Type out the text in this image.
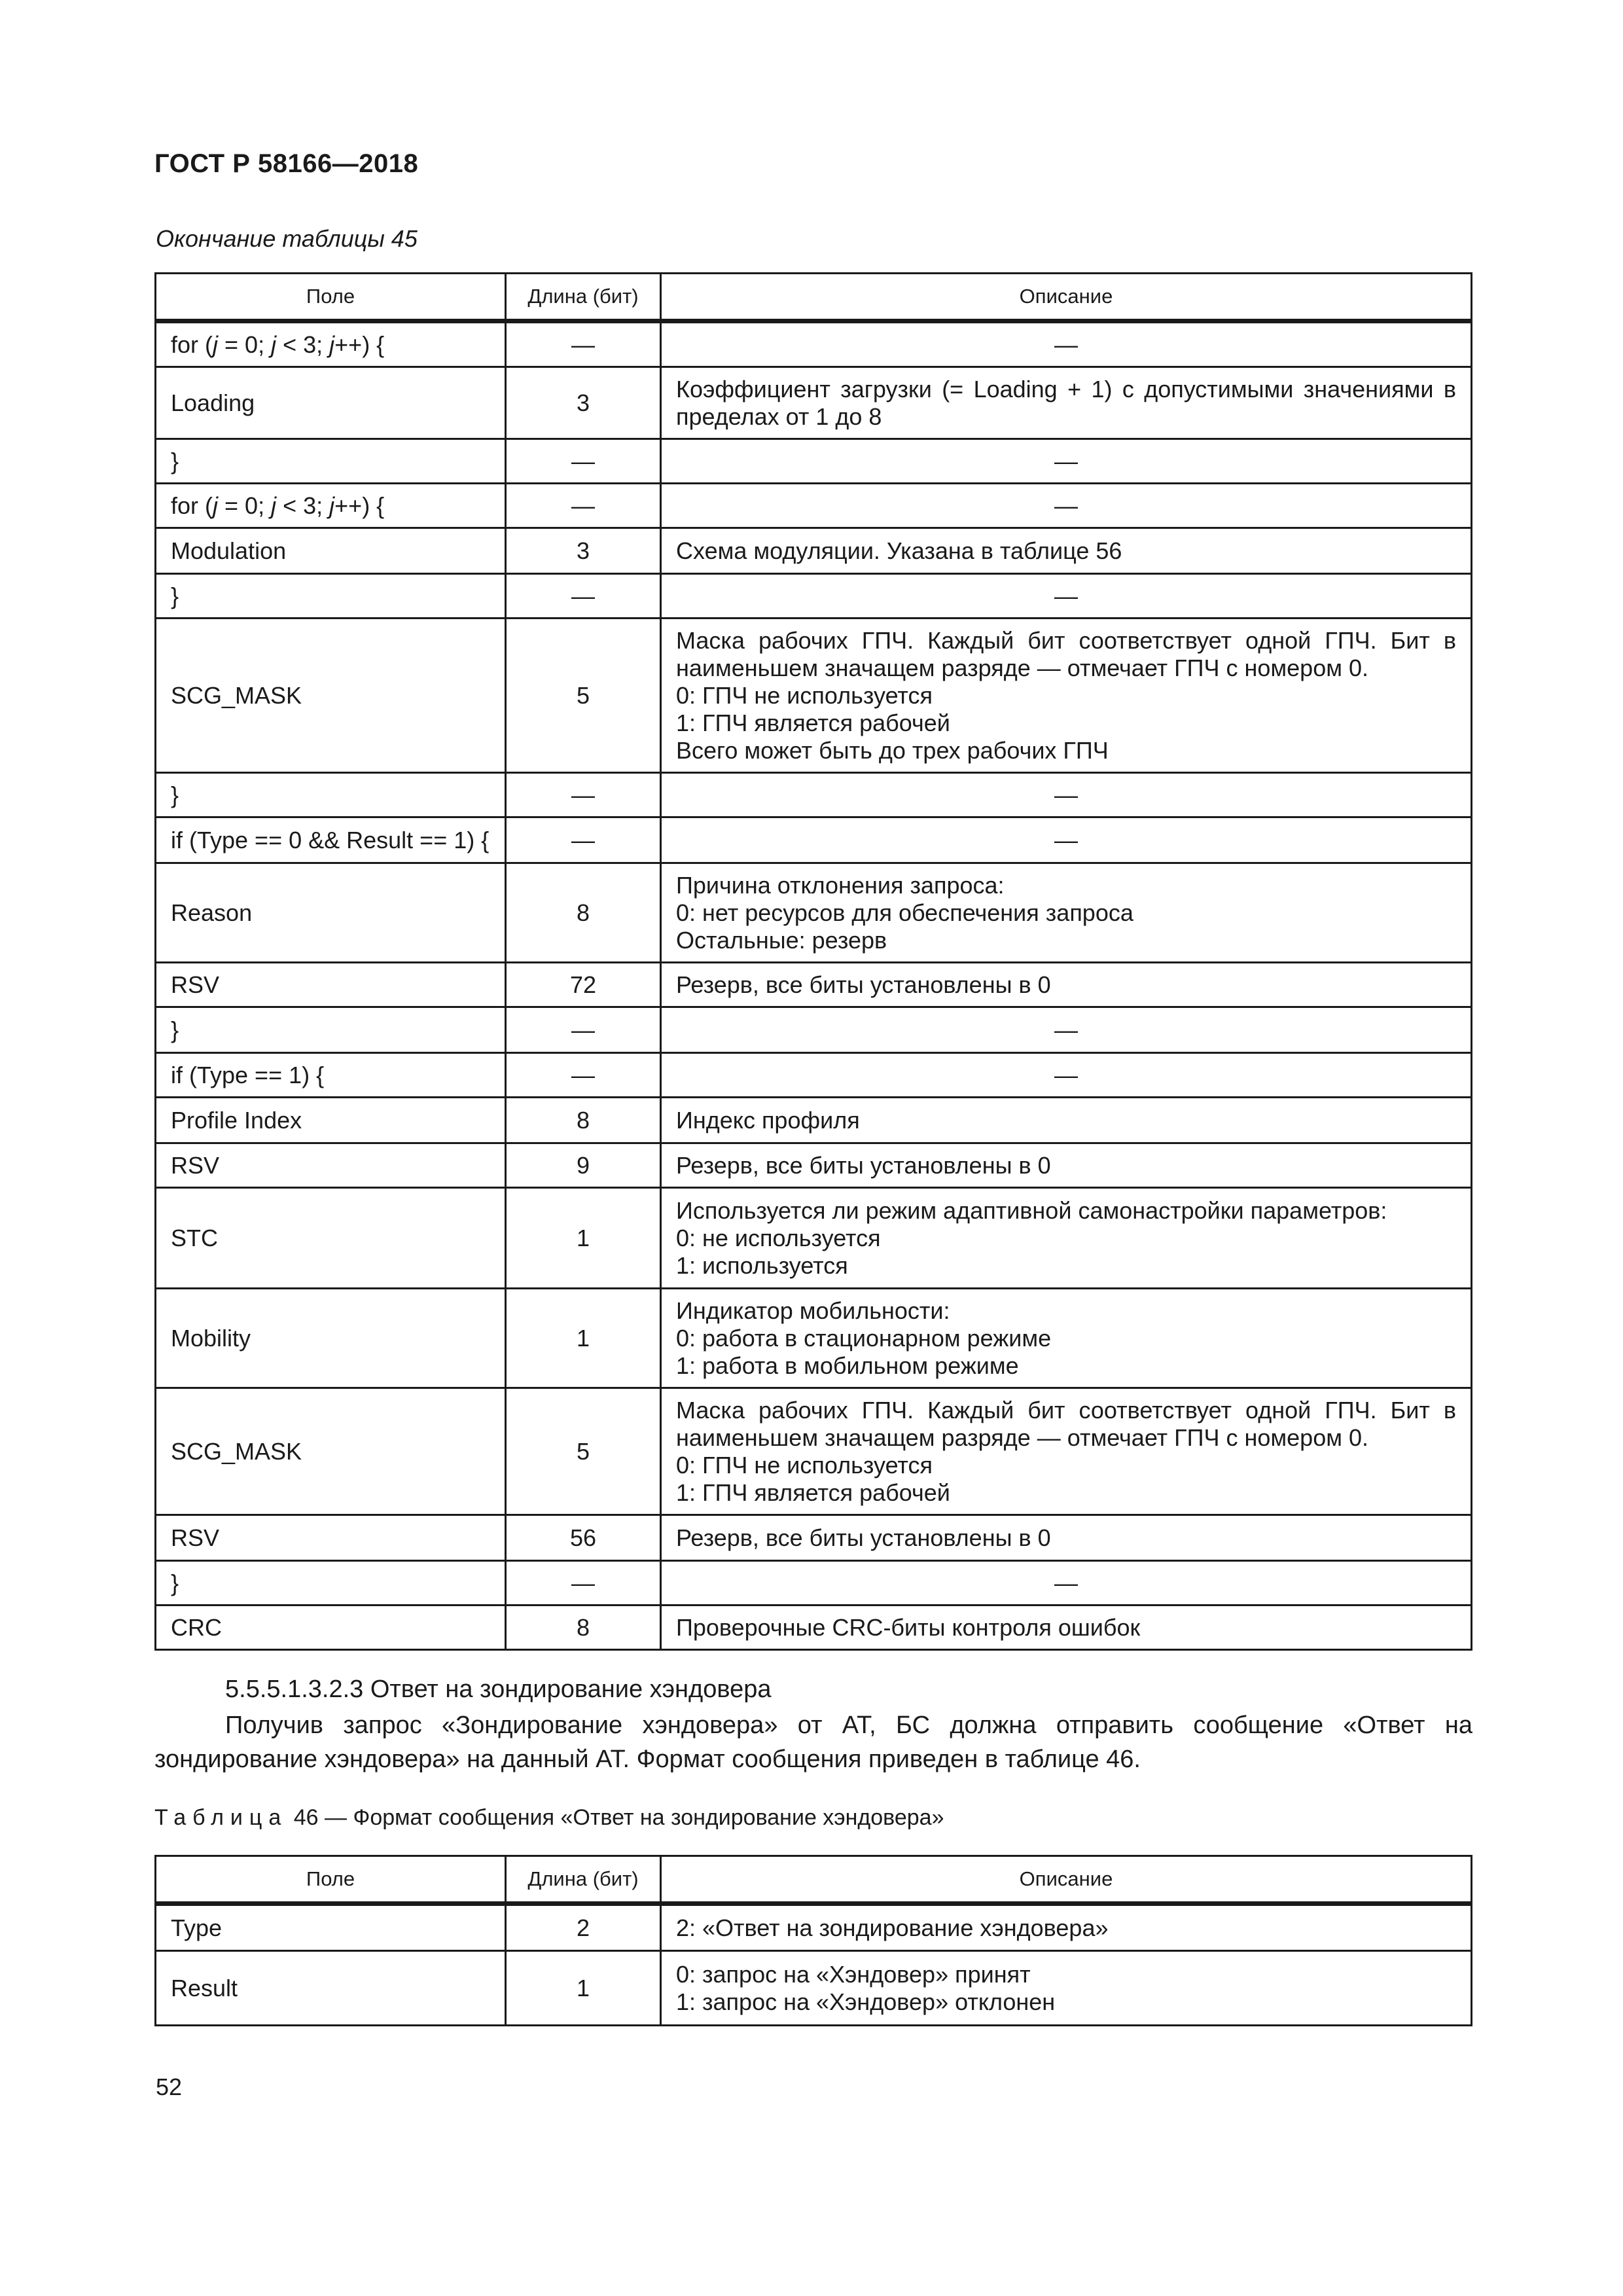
ГОСТ Р 58166—2018
Окончание таблицы 45
Поле	Длина (бит)	Описание
for (j = 0; j < 3; j++) {	—	—

Loading	3	Коэффициент загрузки (= Loading + 1) с допустимыми значениями в
пределах от 1 до 8

}	—	—

for (j = 0; j < 3; j++) {	—	—

Modulation	3	Схема модуляции. Указана в таблице 56

}	—	—

SCG_MASK	5	Маска рабочих ГПЧ. Каждый бит соответствует одной ГПЧ. Бит в
наименьшем значащем разряде — отмечает ГПЧ с номером 0.
0: ГПЧ не используется
1: ГПЧ является рабочей
Всего может быть до трех рабочих ГПЧ

}	—	—

if (Type == 0 && Result == 1) {	—	—

Reason	8	Причина отклонения запроса:
0: нет ресурсов для обеспечения запроса
Остальные: резерв

RSV	72	Резерв, все биты установлены в 0

}	—	—

if (Type == 1) {	—	—

Profile Index	8	Индекс профиля

RSV	9	Резерв, все биты установлены в 0

STC	1	Используется ли режим адаптивной самонастройки параметров:
0: не используется
1: используется

Mobility	1	Индикатор мобильности:
0: работа в стационарном режиме
1: работа в мобильном режиме

SCG_MASK	5	Маска рабочих ГПЧ. Каждый бит соответствует одной ГПЧ. Бит в
наименьшем значащем разряде — отмечает ГПЧ с номером 0.
0: ГПЧ не используется
1: ГПЧ является рабочей

RSV	56	Резерв, все биты установлены в 0

}	—	—

CRC	8	Проверочные CRC-биты контроля ошибок
5.5.5.1.3.2.3 Ответ на зондирование хэндовера
Получив запрос «Зондирование хэндовера» от АТ, БС должна отправить сообщение «Ответ на
зондирование хэндовера» на данный АТ. Формат сообщения приведен в таблице 46.
Таблица 46 — Формат сообщения «Ответ на зондирование хэндовера»
Поле	Длина (бит)	Описание
Type	2	2: «Ответ на зондирование хэндовера»

Result	1	0: запрос на «Хэндовер» принят
1: запрос на «Хэндовер» отклонен
52
